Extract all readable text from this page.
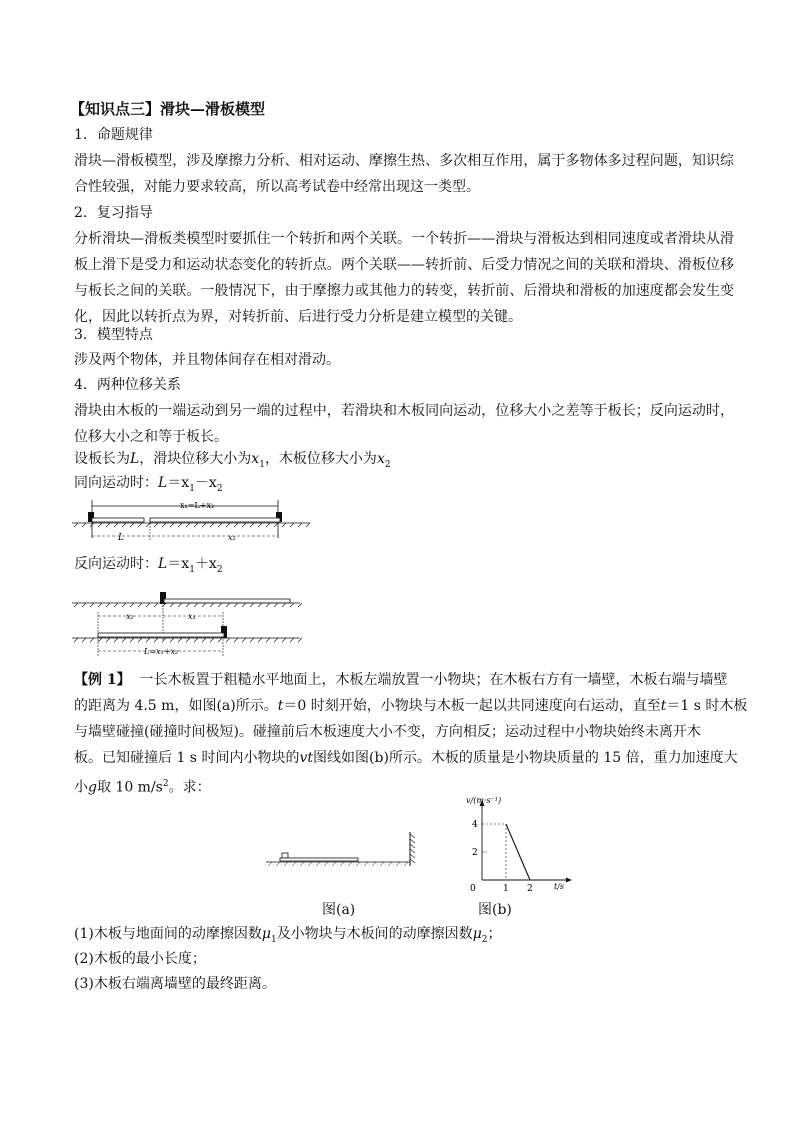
【知识点三】滑块—滑板模型
1．命题规律
滑块—滑板模型，涉及摩擦力分析、相对运动、摩擦生热、多次相互作用，属于多物体多过程问题，知识综合性较强，对能力要求较高，所以高考试卷中经常出现这一类型。
2．复习指导
分析滑块—滑板类模型时要抓住一个转折和两个关联。一个转折——滑块与滑板达到相同速度或者滑块从滑板上滑下是受力和运动状态变化的转折点。两个关联——转折前、后受力情况之间的关联和滑块、滑板位移与板长之间的关联。一般情况下，由于摩擦力或其他力的转变，转折前、后滑块和滑板的加速度都会发生变化，因此以转折点为界，对转折前、后进行受力分析是建立模型的关键。
3．模型特点
涉及两个物体，并且物体间存在相对滑动。
4．两种位移关系
滑块由木板的一端运动到另一端的过程中，若滑块和木板同向运动，位移大小之差等于板长；反向运动时，位移大小之和等于板长。
设板长为L，滑块位移大小为$x_1$，木板位移大小为$x_2$
同向运动时：$L=x_1-x_2$
x₁=L+x₂
L	x₂
反向运动时：$L=x_1+x_2$
x₂	x₁
L=x₁+x₂
【例 1】 一长木板置于粗糙水平地面上，木板左端放置一小物块；在木板右方有一墙壁，木板右端与墙壁
的距离为 4.5 m，如图(a)所示。t＝0 时刻开始，小物块与木板一起以共同速度向右运动，直至t＝1 s 时木板
与墙壁碰撞(碰撞时间极短)。碰撞前后木板速度大小不变，方向相反；运动过程中小物块始终未离开木
板。已知碰撞后 1 s 时间内小物块的vt图线如图(b)所示。木板的质量是小物块质量的 15 倍，重力加速度大
小g取 10 $m/s^2$。求：
图(a)
v/(m·s⁻¹)
t/s
2
4
0	1 2
图(b)
(1)木板与地面间的动摩擦因数$\mu_1$及小物块与木板间的动摩擦因数$\mu_2$；
(2)木板的最小长度；
(3)木板右端离墙壁的最终距离。
